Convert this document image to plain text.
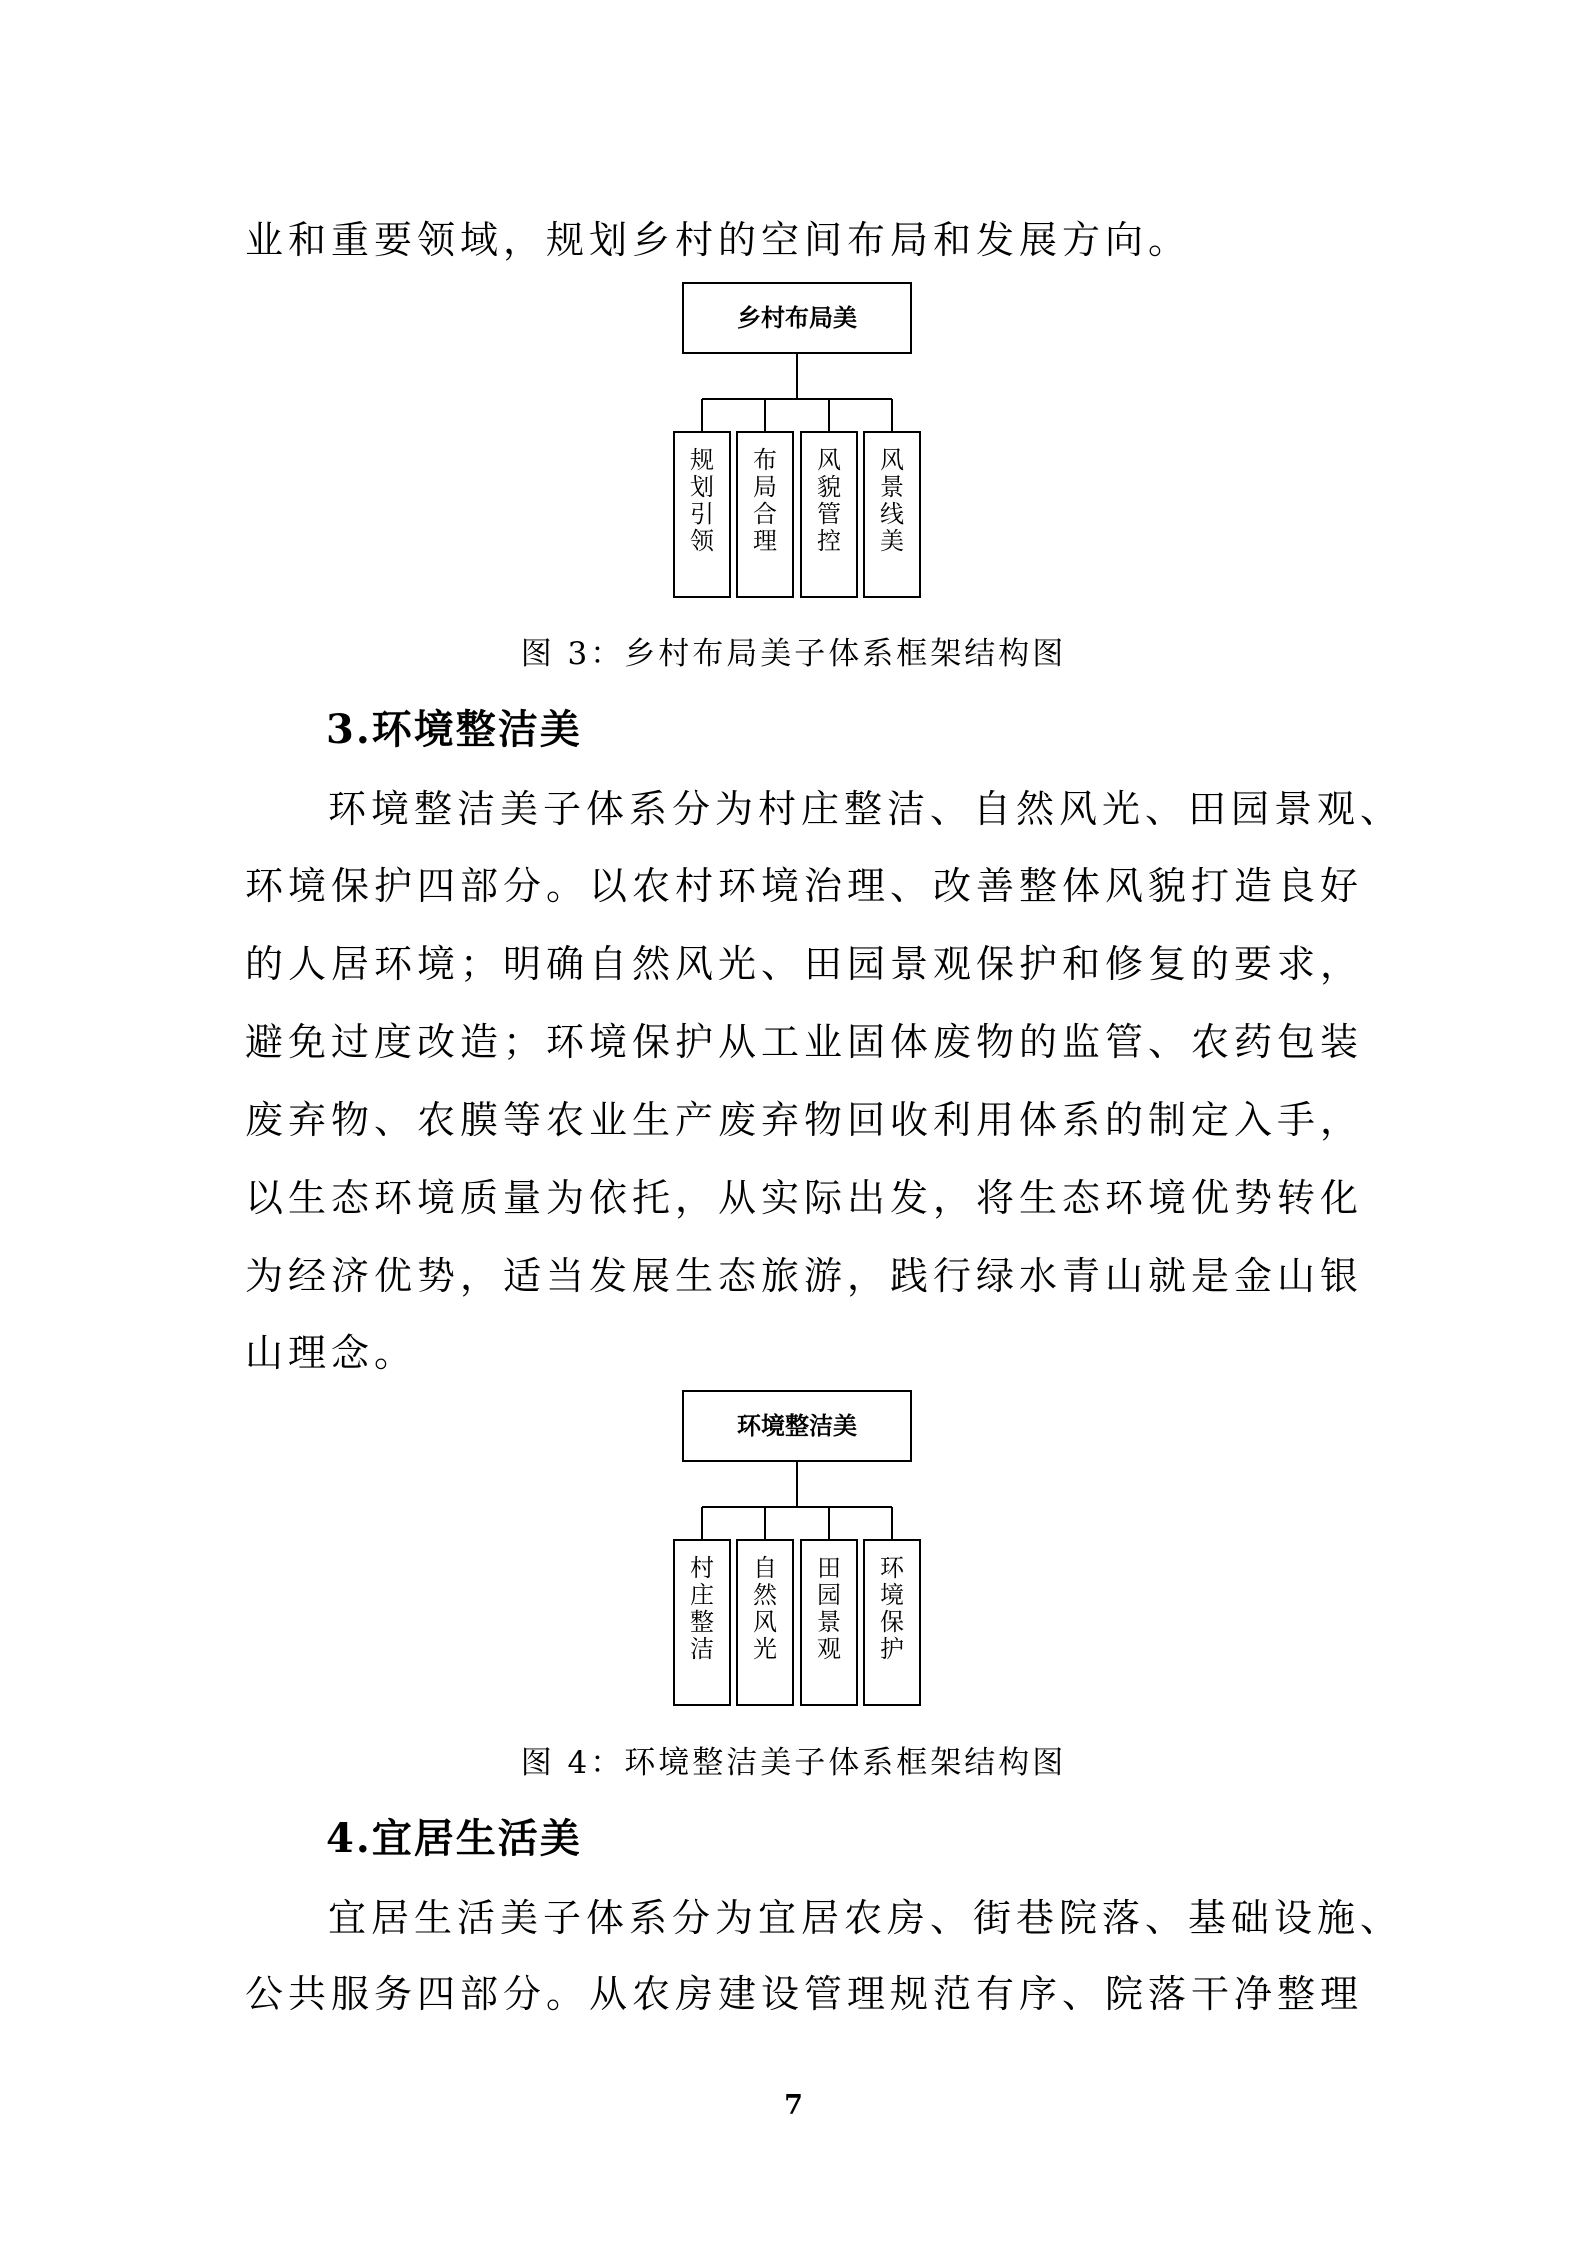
业和重要领域，规划乡村的空间布局和发展方向。
乡村布局美
规
划
引
领
布
局
合
理
风
貌
管
控
风
景
线
美
图 3：乡村布局美子体系框架结构图
3.环境整洁美
环境整洁美子体系分为村庄整洁、自然风光、田园景观、
环境保护四部分。以农村环境治理、改善整体风貌打造良好
的人居环境；明确自然风光、田园景观保护和修复的要求，
避免过度改造；环境保护从工业固体废物的监管、农药包装
废弃物、农膜等农业生产废弃物回收利用体系的制定入手，
以生态环境质量为依托，从实际出发，将生态环境优势转化
为经济优势，适当发展生态旅游，践行绿水青山就是金山银
山理念。
环境整洁美
村
庄
整
洁
自
然
风
光
田
园
景
观
环
境
保
护
图 4：环境整洁美子体系框架结构图
4.宜居生活美
宜居生活美子体系分为宜居农房、街巷院落、基础设施、
公共服务四部分。从农房建设管理规范有序、院落干净整理
7
